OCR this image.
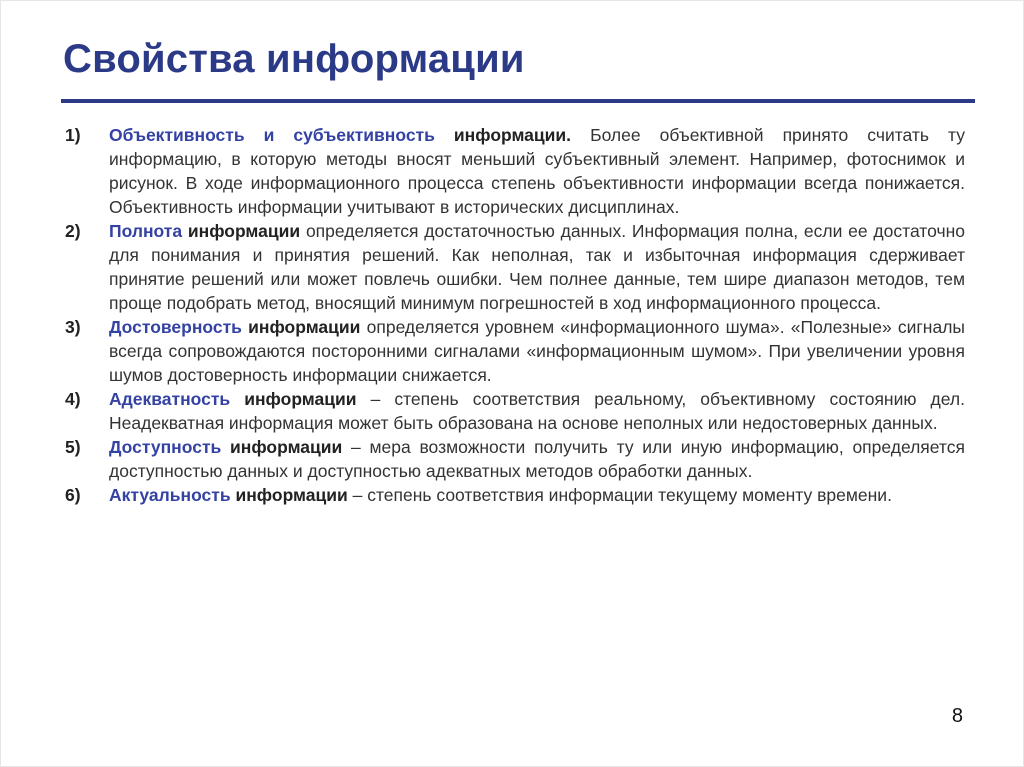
Свойства информации
1) Объективность и субъективность информации. Более объективной принято считать ту информацию, в которую методы вносят меньший субъективный элемент. Например, фотоснимок и рисунок. В ходе информационного процесса степень объективности информации всегда понижается. Объективность информации учитывают в исторических дисциплинах.
2) Полнота информации определяется достаточностью данных. Информация полна, если ее достаточно для понимания и принятия решений. Как неполная, так и избыточная информация сдерживает принятие решений или может повлечь ошибки. Чем полнее данные, тем шире диапазон методов, тем проще подобрать метод, вносящий минимум погрешностей в ход информационного процесса.
3) Достоверность информации определяется уровнем «информационного шума». «Полезные» сигналы всегда сопровождаются посторонними сигналами «информационным шумом». При увеличении уровня шумов достоверность информации снижается.
4) Адекватность информации – степень соответствия реальному, объективному состоянию дел. Неадекватная информация может быть образована на основе неполных или недостоверных данных.
5) Доступность информации – мера возможности получить ту или иную информацию, определяется доступностью данных и доступностью адекватных методов обработки данных.
6) Актуальность информации – степень соответствия информации текущему моменту времени.
8
